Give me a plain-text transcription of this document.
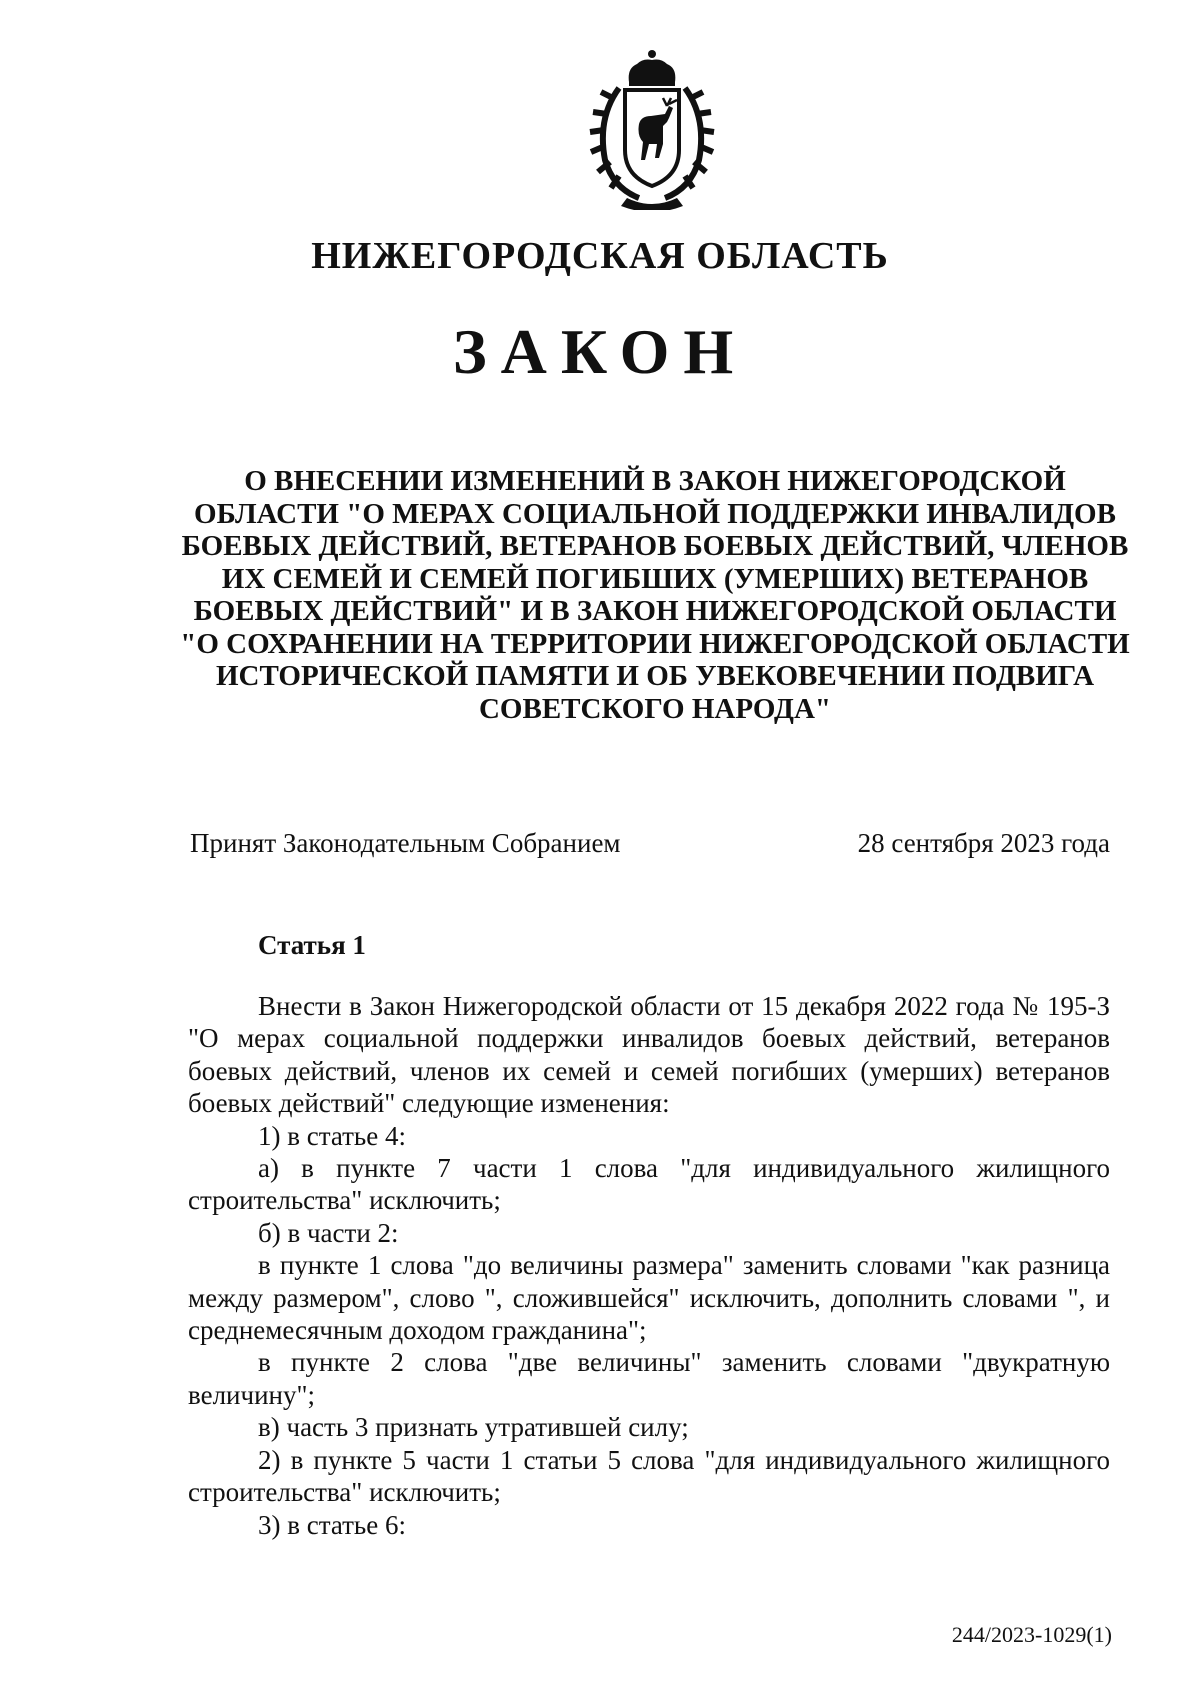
НИЖЕГОРОДСКАЯ ОБЛАСТЬ
ЗАКОН
О ВНЕСЕНИИ ИЗМЕНЕНИЙ В ЗАКОН НИЖЕГОРОДСКОЙ ОБЛАСТИ "О МЕРАХ СОЦИАЛЬНОЙ ПОДДЕРЖКИ ИНВАЛИДОВ БОЕВЫХ ДЕЙСТВИЙ, ВЕТЕРАНОВ БОЕВЫХ ДЕЙСТВИЙ, ЧЛЕНОВ ИХ СЕМЕЙ И СЕМЕЙ ПОГИБШИХ (УМЕРШИХ) ВЕТЕРАНОВ БОЕВЫХ ДЕЙСТВИЙ" И В ЗАКОН НИЖЕГОРОДСКОЙ ОБЛАСТИ "О СОХРАНЕНИИ НА ТЕРРИТОРИИ НИЖЕГОРОДСКОЙ ОБЛАСТИ ИСТОРИЧЕСКОЙ ПАМЯТИ И ОБ УВЕКОВЕЧЕНИИ ПОДВИГА СОВЕТСКОГО НАРОДА"
Принят Законодательным Собранием	28 сентября 2023 года
Статья 1

Внести в Закон Нижегородской области от 15 декабря 2022 года № 195-З "О мерах социальной поддержки инвалидов боевых действий, ветеранов боевых действий, членов их семей и семей погибших (умерших) ветеранов боевых действий" следующие изменения:

1) в статье 4:

а) в пункте 7 части 1 слова "для индивидуального жилищного строительства" исключить;

б) в части 2:

в пункте 1 слова "до величины размера" заменить словами "как разница между размером", слово ", сложившейся" исключить, дополнить словами ", и среднемесячным доходом гражданина";

в пункте 2 слова "две величины" заменить словами "двукратную величину";

в) часть 3 признать утратившей силу;

2) в пункте 5 части 1 статьи 5 слова "для индивидуального жилищного строительства" исключить;

3) в статье 6:

244/2023-1029(1)
